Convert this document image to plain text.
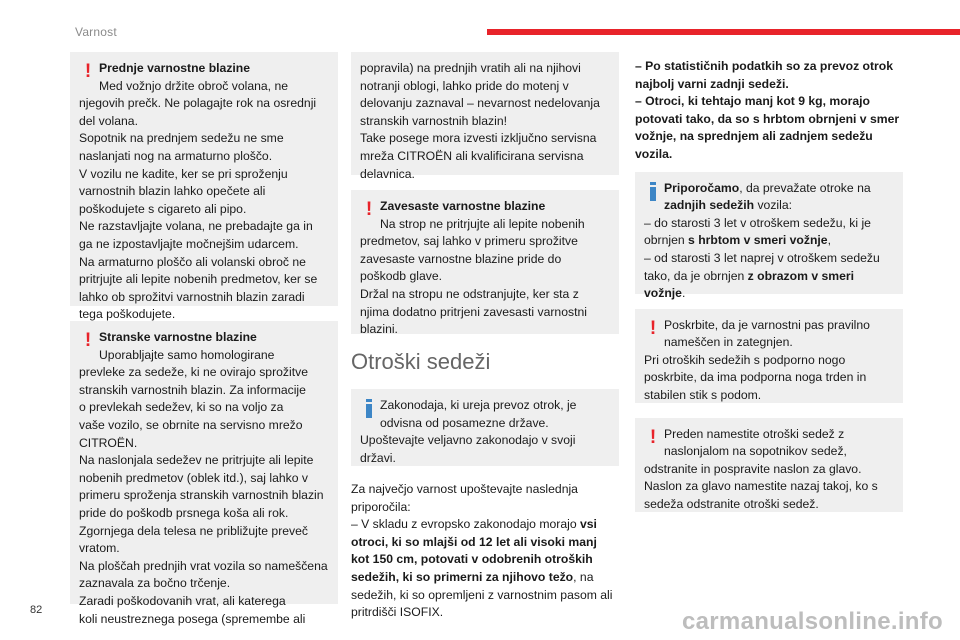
Varnost
! Prednje varnostne blazine

Med vožnjo držite obroč volana, ne

njegovih prečk. Ne polagajte rok na osrednji

del volana.

Sopotnik na prednjem sedežu ne sme

naslanjati nog na armaturno ploščo.

V vozilu ne kadite, ker se pri sproženju

varnostnih blazin lahko opečete ali

poškodujete s cigareto ali pipo.

Ne razstavljajte volana, ne prebadajte ga in

ga ne izpostavljajte močnejšim udarcem.

Na armaturno ploščo ali volanski obroč ne

pritrjujte ali lepite nobenih predmetov, ker se

lahko ob sprožitvi varnostnih blazin zaradi

tega poškodujete.

! Stranske varnostne blazine

Uporabljajte samo homologirane

prevleke za sedeže, ki ne ovirajo sprožitve

stranskih varnostnih blazin. Za informacije

o prevlekah sedežev, ki so na voljo za

vaše vozilo, se obrnite na servisno mrežo

CITROËN.

Na naslonjala sedežev ne pritrjujte ali lepite

nobenih predmetov (oblek itd.), saj lahko v

primeru sproženja stranskih varnostnih blazin

pride do poškodb prsnega koša ali rok.

Zgornjega dela telesa ne približujte preveč

vratom.

Na ploščah prednjih vrat vozila so nameščena

zaznavala za bočno trčenje.

Zaradi poškodovanih vrat, ali katerega

koli neustreznega posega (spremembe ali

popravila) na prednjih vratih ali na njihovi

notranji oblogi, lahko pride do motenj v

delovanju zaznaval – nevarnost nedelovanja

stranskih varnostnih blazin!

Take posege mora izvesti izključno servisna

mreža CITROËN ali kvalificirana servisna

delavnica.

! Zavesaste varnostne blazine

Na strop ne pritrjujte ali lepite nobenih

predmetov, saj lahko v primeru sprožitve

zavesaste varnostne blazine pride do

poškodb glave.

Držal na stropu ne odstranjujte, ker sta z

njima dodatno pritrjeni zavesasti varnostni

blazini.

Otroški sedeži

Zakonodaja, ki ureja prevoz otrok, je

odvisna od posamezne države.

Upoštevajte veljavno zakonodajo v svoji

državi.

Za največjo varnost upoštevajte naslednja

priporočila:

– V skladu z evropsko zakonodajo morajo vsi

otroci, ki so mlajši od 12 let ali visoki manj

kot 150 cm, potovati v odobrenih otroških

sedežih, ki so primerni za njihovo težo, na

sedežih, ki so opremljeni z varnostnim pasom ali

pritrdišči ISOFIX.

– Po statističnih podatkih so za prevoz otrok

najbolj varni zadnji sedeži.

– Otroci, ki tehtajo manj kot 9 kg, morajo

potovati tako, da so s hrbtom obrnjeni v smer

vožnje, na sprednjem ali zadnjem sedežu

vozila.

Priporočamo, da prevažate otroke na

zadnjih sedežih vozila:

– do starosti 3 let v otroškem sedežu, ki je

obrnjen s hrbtom v smeri vožnje,

– od starosti 3 let naprej v otroškem sedežu

tako, da je obrnjen z obrazom v smeri

vožnje.

! Poskrbite, da je varnostni pas pravilno

nameščen in zategnjen.

Pri otroških sedežih s podporno nogo

poskrbite, da ima podporna noga trden in

stabilen stik s podom.

! Preden namestite otroški sedež z

naslonjalom na sopotnikov sedež,

odstranite in pospravite naslon za glavo.

Naslon za glavo namestite nazaj takoj, ko s

sedeža odstranite otroški sedež.

82	carmanualsonline.info
